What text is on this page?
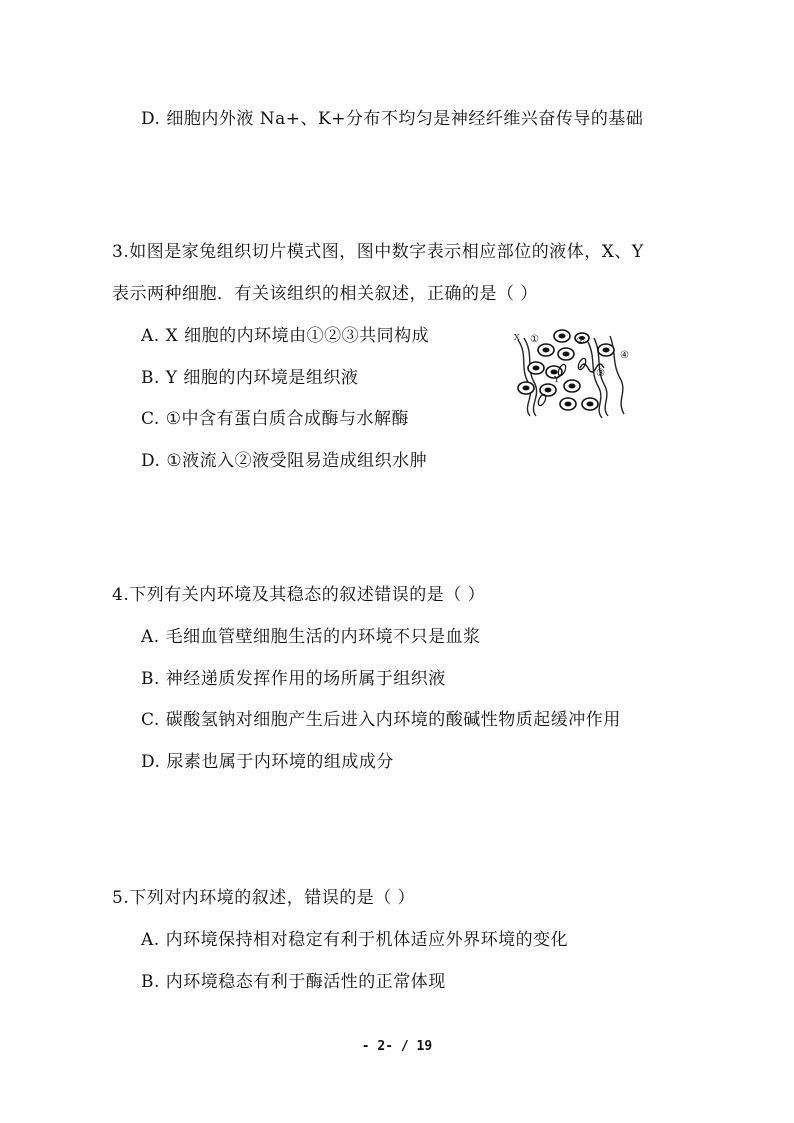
D. 细胞内外液 Na+、K+分布不均匀是神经纤维兴奋传导的基础
3.如图是家兔组织切片模式图，图中数字表示相应部位的液体，X、Y
表示两种细胞．有关该组织的相关叙述，正确的是（ ）
A. X 细胞的内环境由①②③共同构成
B. Y 细胞的内环境是组织液
C. ①中含有蛋白质合成酶与水解酶
D. ①液流入②液受阻易造成组织水肿
X ①	②
Y
④
③
4.下列有关内环境及其稳态的叙述错误的是（ ）
A. 毛细血管壁细胞生活的内环境不只是血浆
B. 神经递质发挥作用的场所属于组织液
C. 碳酸氢钠对细胞产生后进入内环境的酸碱性物质起缓冲作用
D. 尿素也属于内环境的组成成分
5.下列对内环境的叙述，错误的是（ ）
A. 内环境保持相对稳定有利于机体适应外界环境的变化
B. 内环境稳态有利于酶活性的正常体现
- 2- / 19
